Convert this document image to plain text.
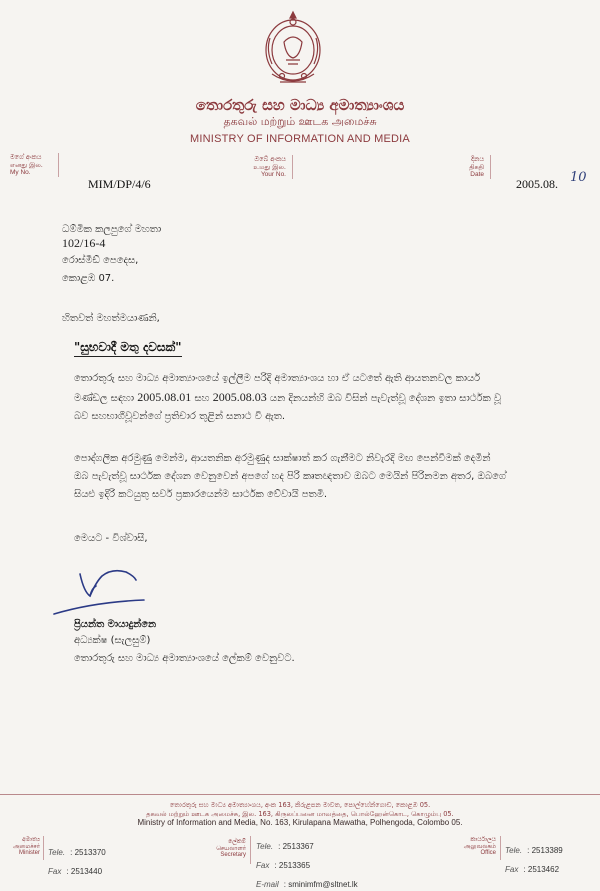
තොරතුරු සහ මාධ්‍ය අමාත්‍යාංශය
தகவல் மற்றும் ஊடக அமைச்சு
MINISTRY OF INFORMATION AND MEDIA
මගේ අංකය
எனது இல.
My No.
MIM/DP/4/6
ඔබේ අංකය
உமது இல.
Your No.
දිනය
திகதி
Date
2005.08. 10
ධම්මික කලපුගේ මහතා
102/16-4
රොස්මීඩ් පෙදෙස,
කොළඹ 07.
හිතවත් මහත්මයාණනි,
"සුභවාදී මතු දවසක්"
තොරතුරු සහ මාධ්‍ය අමාත්‍යාංශයේ ඉල්ලීම පරිදි අමාත්‍යාංශය හා ඒ යටතේ ඇති ආයතනවල කාර්ය
මණ්ඩල සඳහා 2005.08.01 සහ 2005.08.03 යන දිනයන්හි ඔබ විසින් පැවැත්වූ දේශන ඉතා සාර්ථක වූ
බව සහභාගීවූවන්ගේ ප්‍රතිචාර තුළින් සනාථ වී ඇත.
පොද්ගලික අරමුණු මෙන්ම, ආයතනික අරමුණුද සාක්ෂාත් කර ගැනීමට නිවැරදි මඟ පෙන්වීමක් දෙමින්
ඔබ පැවැත්වූ සාර්ථක දේශන වෙනුවෙන් අපගේ හද පිරි කෘතඥතාව ඔබට මෙයින් පිරිනමන අතර, ඔබගේ
සියළු ඉදිරි කටයුතු සර්ව ප්‍රකාරයෙන්ම සාර්ථක වේවායි පතමි.
මෙයට - විශ්වාසී,
ප්‍රියන්ත මායාදුන්නෙ
අධ්‍යක්ෂ (සැලසුම්)
තොරතුරු සහ මාධ්‍ය අමාත්‍යාංශයේ ලේකම් වෙනුවට.
තොරතුරු සහ මාධ්‍ය අමාත්‍යාංශය, අංක 163, කිරුළපන මාවත, පොල්හේන්ගොඩ, කොළඹ 05.
தகவல் மற்றும் ஊடக அமைச்சு, இல. 163, கிருலப்பனை மாவத்தை, பொல்ஹேன்கொட, கொழும்பு 05.
Ministry of Information and Media, No. 163, Kirulapana Mawatha, Polhengoda, Colombo 05.
අමාත්‍ය
அமைச்சர்
Minister Tele. : 2513370
Fax : 2513440
ලේකම්
செயலாளர்
Secretary
Tele. : 2513367
Fax : 2513365
E-mail : sminimfm@sltnet.lk
කාර්යාලය
அலுவலகம்
Office Tele. : 2513389
Fax : 2513462
